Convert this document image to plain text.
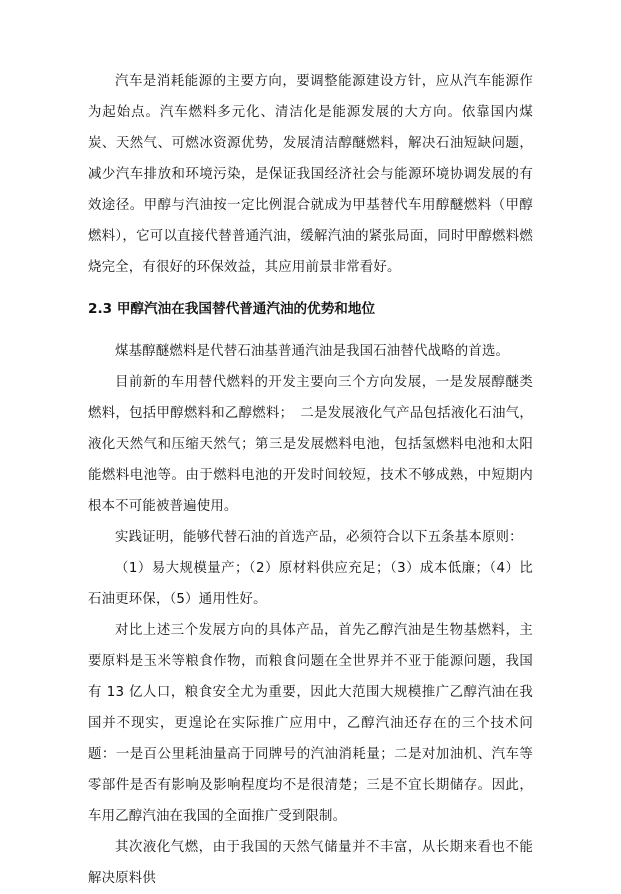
汽车是消耗能源的主要方向，要调整能源建设方针，应从汽车能源作为起始点。汽车燃料多元化、清洁化是能源发展的大方向。依靠国内煤炭、天然气、可燃冰资源优势，发展清洁醇醚燃料，解决石油短缺问题，减少汽车排放和环境污染，是保证我国经济社会与能源环境协调发展的有效途径。甲醇与汽油按一定比例混合就成为甲基替代车用醇醚燃料（甲醇燃料），它可以直接代替普通汽油，缓解汽油的紧张局面，同时甲醇燃料燃烧完全，有很好的环保效益，其应用前景非常看好。

2.3 甲醇汽油在我国替代普通汽油的优势和地位

煤基醇醚燃料是代替石油基普通汽油是我国石油替代战略的首选。

目前新的车用替代燃料的开发主要向三个方向发展，一是发展醇醚类燃料，包括甲醇燃料和乙醇燃料；　二是发展液化气产品包括液化石油气，液化天然气和压缩天然气；第三是发展燃料电池，包括氢燃料电池和太阳能燃料电池等。由于燃料电池的开发时间较短，技术不够成熟，中短期内根本不可能被普遍使用。

实践证明，能够代替石油的首选产品，必须符合以下五条基本原则：

（1）易大规模量产；（2）原材料供应充足；（3）成本低廉；（4）比石油更环保，（5）通用性好。

对比上述三个发展方向的具体产品，首先乙醇汽油是生物基燃料，主要原料是玉米等粮食作物，而粮食问题在全世界并不亚于能源问题，我国有 13 亿人口，粮食安全尤为重要，因此大范围大规模推广乙醇汽油在我国并不现实，更遑论在实际推广应用中，乙醇汽油还存在的三个技术问题：一是百公里耗油量高于同牌号的汽油消耗量；二是对加油机、汽车等零部件是否有影响及影响程度均不是很清楚；三是不宜长期储存。因此，车用乙醇汽油在我国的全面推广受到限制。

其次液化气燃，由于我国的天然气储量并不丰富，从长期来看也不能解决原料供
